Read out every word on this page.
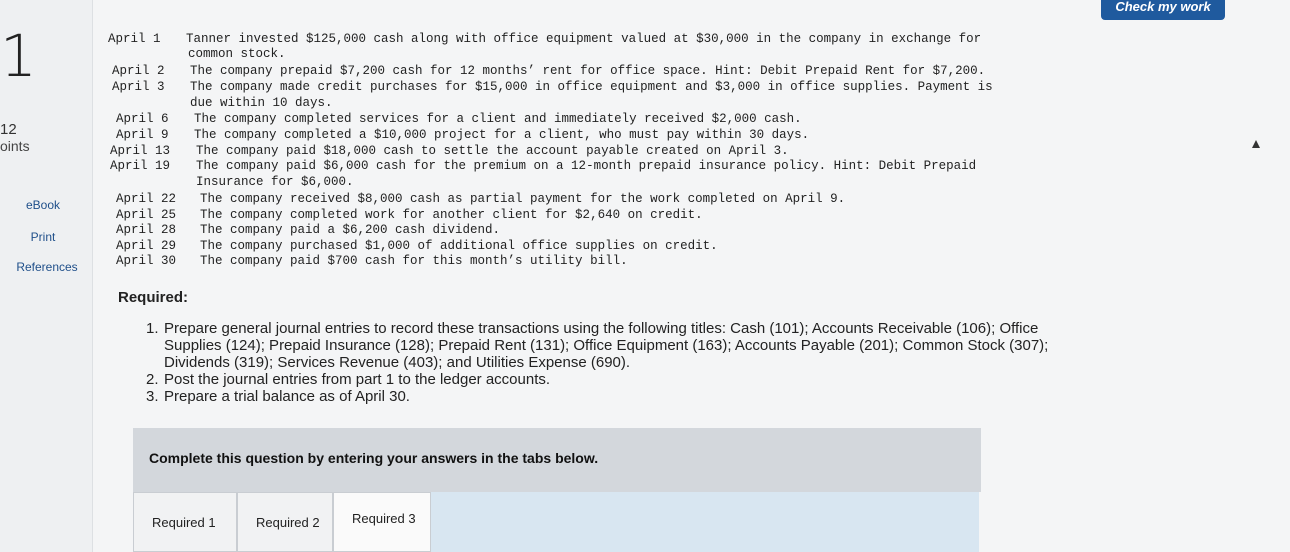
1
12
oints
eBook
Print
References
Check my work
April 1 Tanner invested $125,000 cash along with office equipment valued at $30,000 in the company in exchange for
common stock.
April 2 The company prepaid $7,200 cash for 12 months’ rent for office space. Hint: Debit Prepaid Rent for $7,200.
April 3 The company made credit purchases for $15,000 in office equipment and $3,000 in office supplies. Payment is
due within 10 days.
April 6 The company completed services for a client and immediately received $2,000 cash.
April 9 The company completed a $10,000 project for a client, who must pay within 30 days.
April 13 The company paid $18,000 cash to settle the account payable created on April 3.
April 19 The company paid $6,000 cash for the premium on a 12-month prepaid insurance policy. Hint: Debit Prepaid
Insurance for $6,000.
April 22 The company received $8,000 cash as partial payment for the work completed on April 9.
April 25 The company completed work for another client for $2,640 on credit.
April 28 The company paid a $6,200 cash dividend.
April 29 The company purchased $1,000 of additional office supplies on credit.
April 30 The company paid $700 cash for this month’s utility bill.
Required:
1. Prepare general journal entries to record these transactions using the following titles: Cash (101); Accounts Receivable (106); Office Supplies (124); Prepaid Insurance (128); Prepaid Rent (131); Office Equipment (163); Accounts Payable (201); Common Stock (307); Dividends (319); Services Revenue (403); and Utilities Expense (690).
2. Post the journal entries from part 1 to the ledger accounts.
3. Prepare a trial balance as of April 30.
Complete this question by entering your answers in the tabs below.
Required 1	Required 2	Required 3
